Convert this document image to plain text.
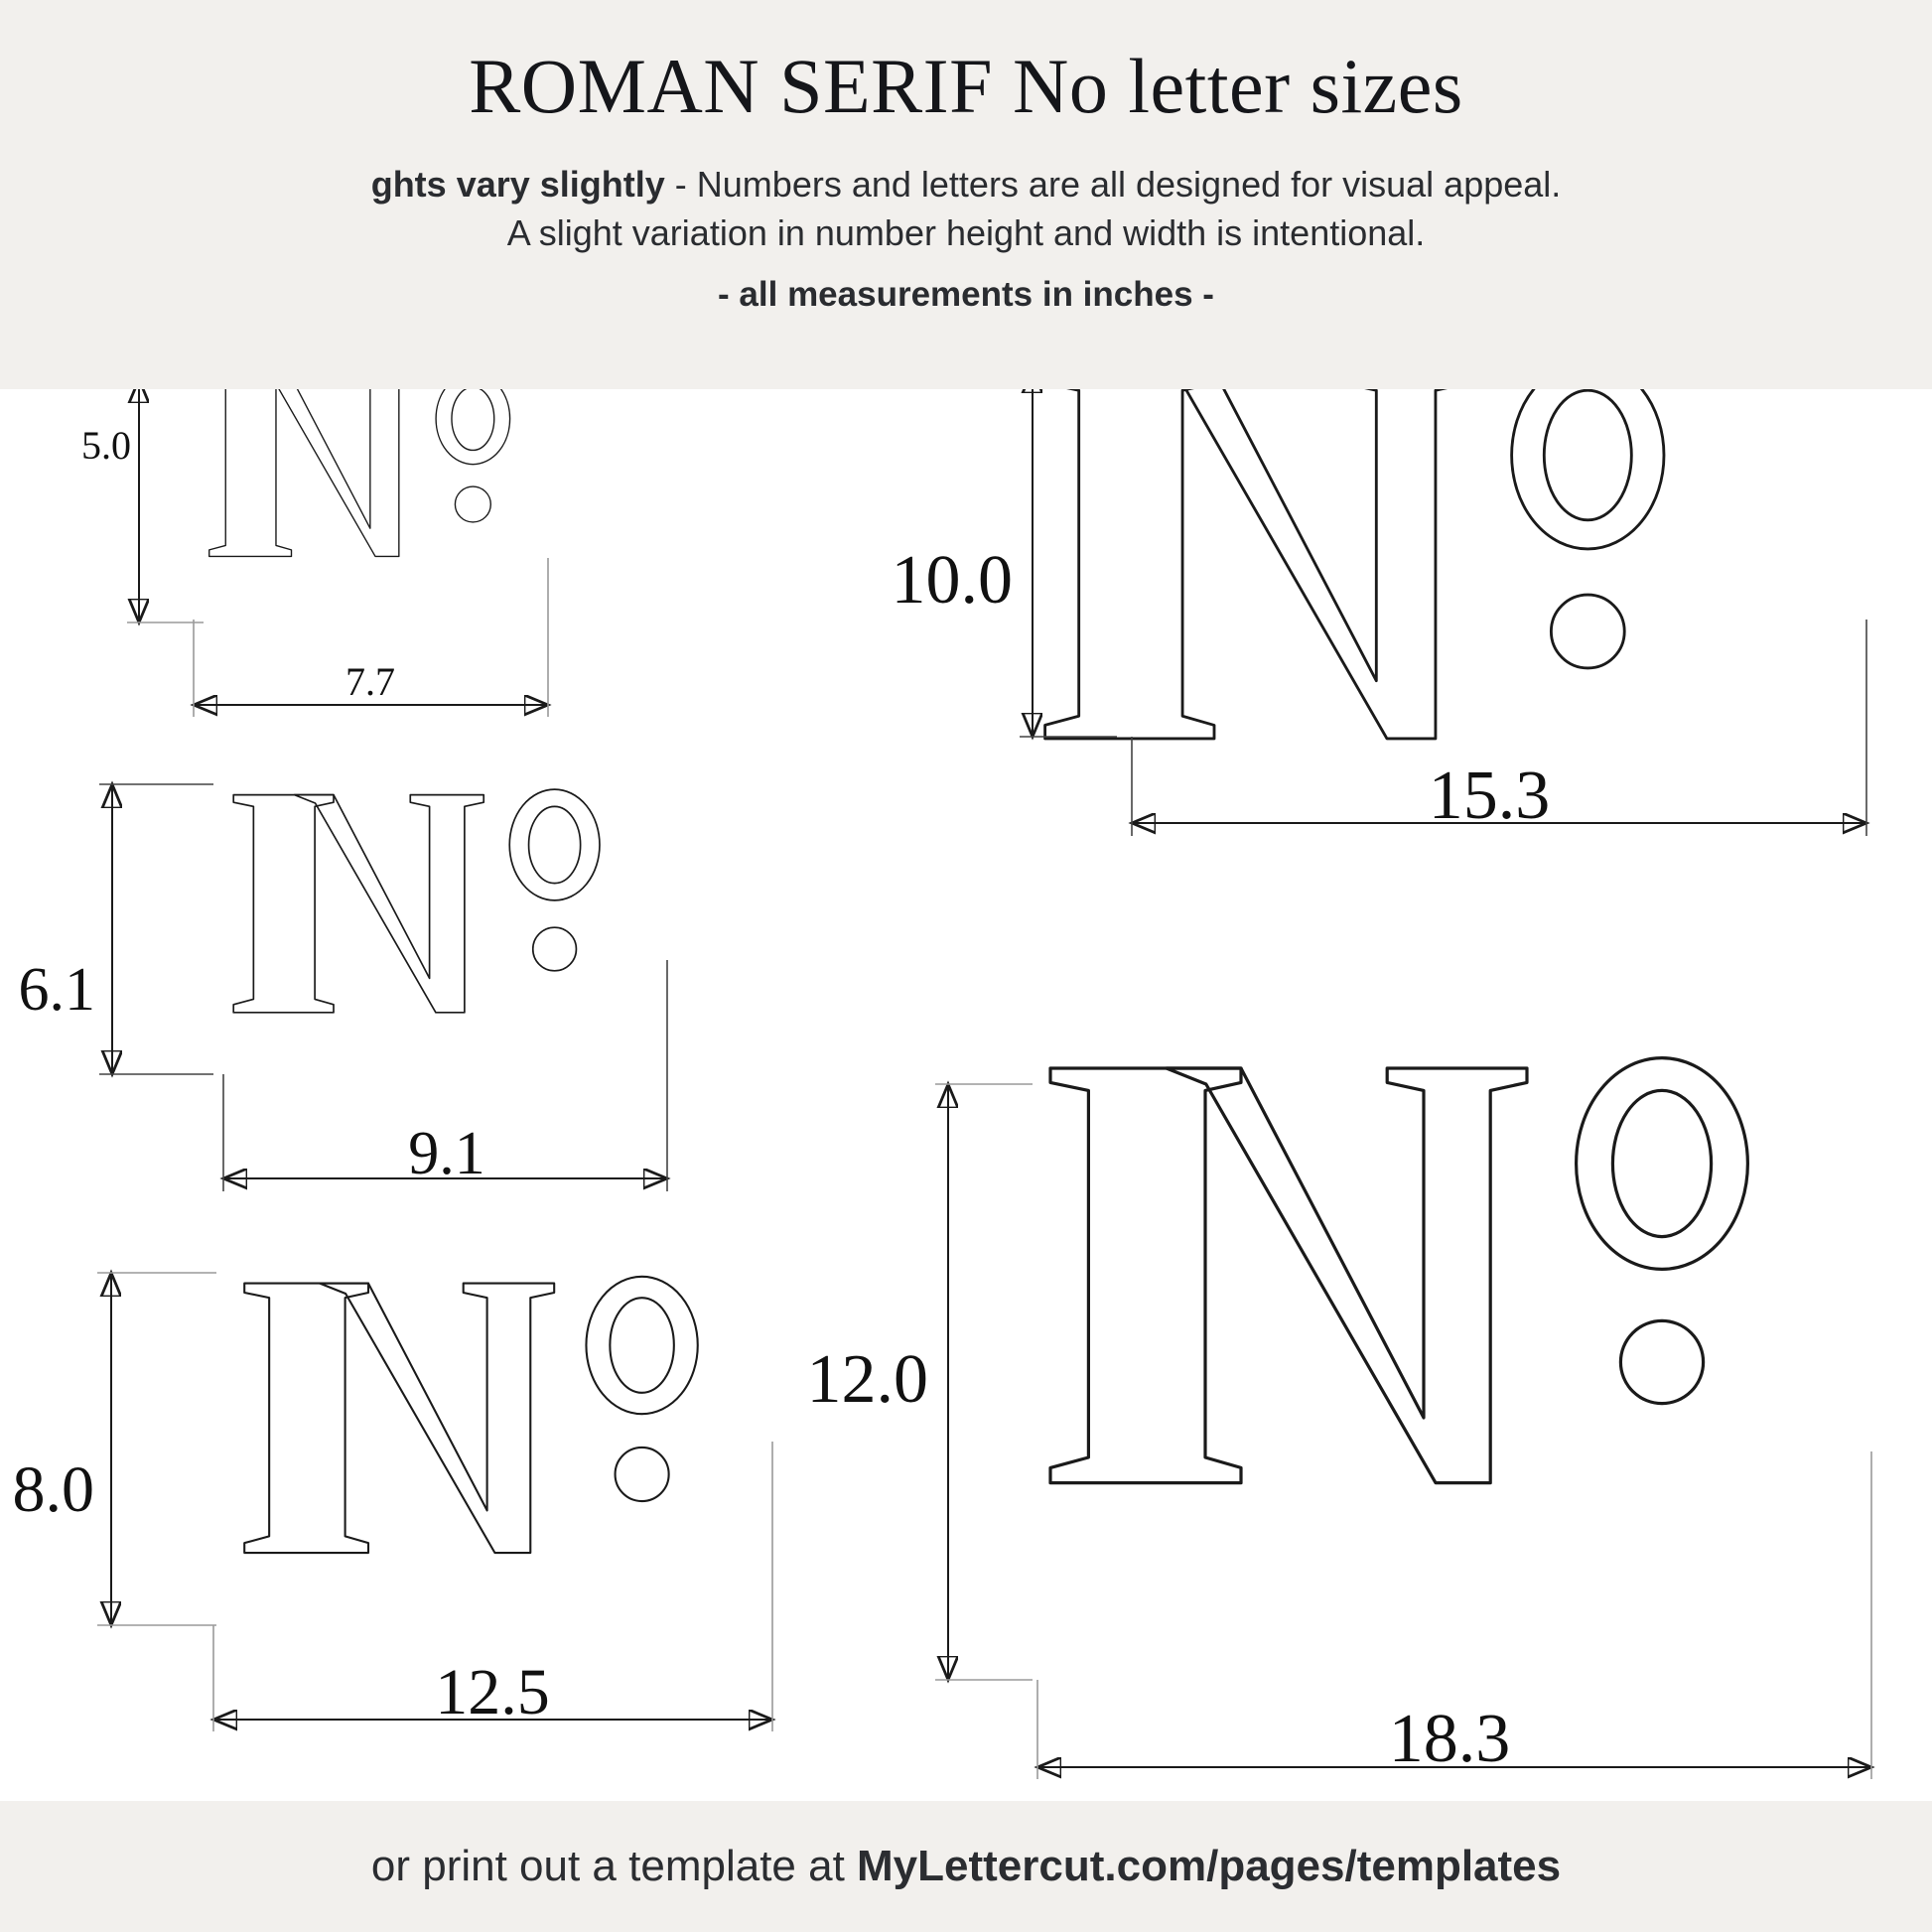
ROMAN SERIF No letter sizes
ghts vary slightly - Numbers and letters are all designed for visual appeal.
A slight variation in number height and width is intentional.
- all measurements in inches -
5.0
7.7
6.1
9.1
8.0
12.5
10.0
15.3
12.0
18.3
or print out a template at MyLettercut.com/pages/templates
